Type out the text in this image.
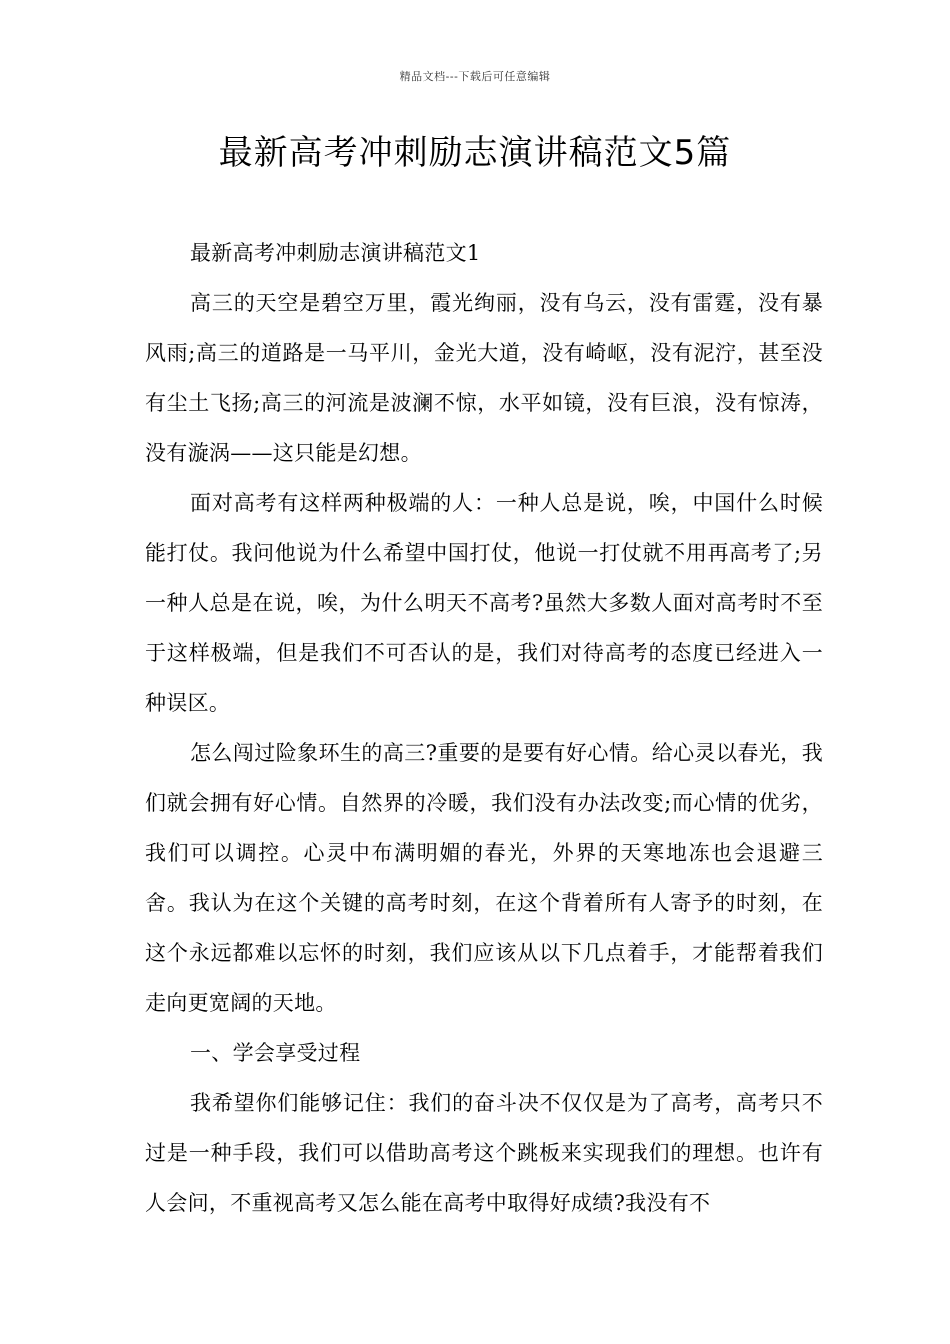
精品文档---下载后可任意编辑
最新高考冲刺励志演讲稿范文5篇

最新高考冲刺励志演讲稿范文1

高三的天空是碧空万里，霞光绚丽，没有乌云，没有雷霆，没有暴风雨;高三的道路是一马平川，金光大道，没有崎岖，没有泥泞，甚至没有尘土飞扬;高三的河流是波澜不惊，水平如镜，没有巨浪，没有惊涛，没有漩涡——这只能是幻想。

面对高考有这样两种极端的人：一种人总是说，唉，中国什么时候能打仗。我问他说为什么希望中国打仗，他说一打仗就不用再高考了;另一种人总是在说，唉，为什么明天不高考?虽然大多数人面对高考时不至于这样极端，但是我们不可否认的是，我们对待高考的态度已经进入一种误区。

怎么闯过险象环生的高三?重要的是要有好心情。给心灵以春光，我们就会拥有好心情。自然界的冷暖，我们没有办法改变;而心情的优劣，我们可以调控。心灵中布满明媚的春光，外界的天寒地冻也会退避三舍。我认为在这个关键的高考时刻，在这个背着所有人寄予的时刻，在这个永远都难以忘怀的时刻，我们应该从以下几点着手，才能帮着我们走向更宽阔的天地。

一、学会享受过程

我希望你们能够记住：我们的奋斗决不仅仅是为了高考，高考只不过是一种手段，我们可以借助高考这个跳板来实现我们的理想。也许有人会问，不重视高考又怎么能在高考中取得好成绩?我没有不
